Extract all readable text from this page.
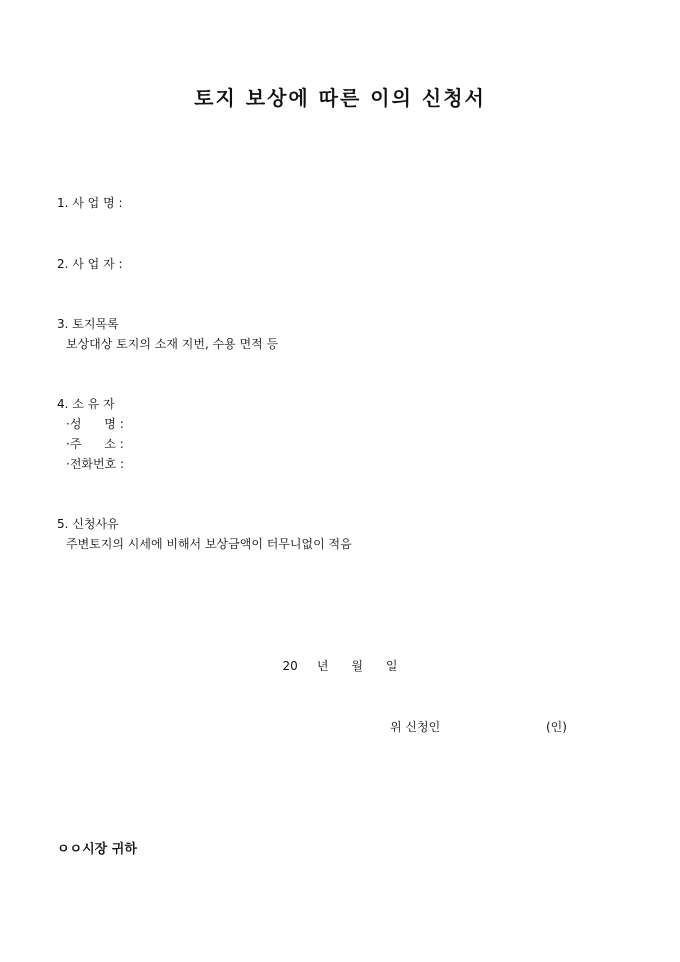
토지 보상에 따른 이의 신청서
1. 사 업 명 :
2. 사 업 자 :
3. 토지목록
보상대상 토지의 소재 지번, 수용 면적 등
4. 소 유 자
·성      명 :
·주      소 :
·전화번호 :
5. 신청사유
주변토지의 시세에 비해서 보상금액이 터무니없이 적음
20     년      월      일
위 신청인	(인)
ㅇㅇ시장 귀하
